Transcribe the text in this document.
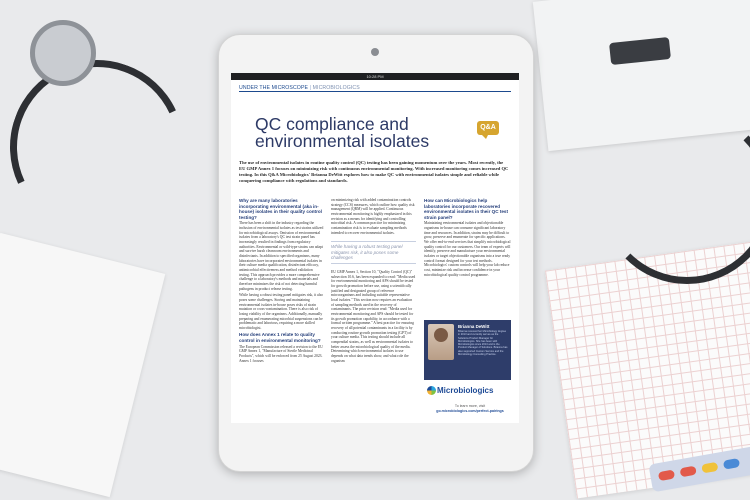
10:28 PM
UNDER THE MICROSCOPE | MICROBIOLOGICS
QC compliance and
environmental isolates
Q&A
The use of environmental isolates in routine quality control (QC) testing has been gaining momentum over the years. Most recently, the EU GMP Annex 1 focuses on minimizing risk with continuous environmental monitoring. With increased monitoring comes increased QC testing. In this Q&A Microbiologics' Brianna DeWitt explores how to make QC with environmental isolates simple and reliable while conquering compliance with regulations and standards.
Why are many laboratories incorporating environmental (aka in-house) isolates in their quality control testing?
There has been a shift in the industry regarding the inclusion of environmental isolates as test strains utilized for microbiological assays. Omission of environmental isolates from a laboratory's QC test strain panel has increasingly resulted in findings from regulatory authorities. Environmental or wild-type strains can adapt and survive harsh cleanroom environments and disinfectants. In addition to specified organisms, many laboratories have incorporated environmental isolates in their culture media qualification, disinfectant efficacy, antimicrobial effectiveness and method validation testing. This approach provides a more comprehensive challenge to a laboratory's methods and materials and therefore minimizes the risk of not detecting harmful pathogens in product release testing.
While having a robust testing panel mitigates risk, it also poses some challenges. Storing and maintaining environmental isolates in-house poses risks of strain mutation or cross-contamination. There is also risk of losing viability of the organisms. Additionally, manually preparing and enumerating microbial suspensions can be problematic and laborious, requiring a more skilled microbiologist.
How does Annex 1 relate to quality control in environmental monitoring?
The European Commission released a revision to the EU GMP Annex 1, "Manufacture of Sterile Medicinal Products", which will be enforced from 25 August 2023. Annex 1 focuses
on minimizing risk with added contamination controls strategy (CCS) measures, which outline how quality risk management (QRM) will be applied. Continuous environmental monitoring is highly emphasized in this revision as a means for identifying and controlling microbial risk. A common practice for minimizing contamination risk is to evaluate sampling methods intended to recover environmental isolates.
While having a robust testing panel mitigates risk, it also poses some challenges
EU GMP Annex 1, Section 10, "Quality Control (QC)" subsection 10.6, has been expanded to read: "Media used for environmental monitoring and APS should be tested for growth promotion before use, using a scientifically justified and designated group of reference microorganisms and including suitable representative local isolates." This section now requires an evaluation of sampling methods used in the recovery of contaminants. The prior revision read: "Media used for environmental monitoring and APS should be tested for its growth promotion capability, in accordance with a formal written programme." A best practice for ensuring recovery of all potential contaminants in a facility is by conducting routine growth promotion testing (GPT) of your culture media. This testing should include all compendial strains, as well as environmental isolates to better assess the microbiological quality of the media. Determining which environmental isolates to use depends on what data trends show, and what role the organism
How can Microbiologics help laboratories incorporate recovered environmental isolates in their QC test strain panel?
Maintaining environmental isolates and objectionable organisms in-house can consume significant laboratory time and resources. In addition, strains may be difficult to grow, preserve and enumerate for specific applications. We offer end-to-end services that simplify microbiological quality control for our customers. Our team of experts will identify, preserve and manufacture your environmental isolates or target objectionable organisms into a true ready control format designed for your test methods. Microbiologics' custom controls will help your lab reduce cost, minimize risk and increase confidence in your microbiological quality control programme.
Brianna DeWitt
Brianna received her Microbiology degree in 2013 and currently serves as the Solutions Product Manager for Microbiologics. She has been with Microbiologics since 2013 and is the Product Manager of Solutions. Brianna has also supported Custom Service and the Microbiology Consulting Practice.
Microbiologics
To learn more, visit
go.microbiologics.com/perfect-pairings
